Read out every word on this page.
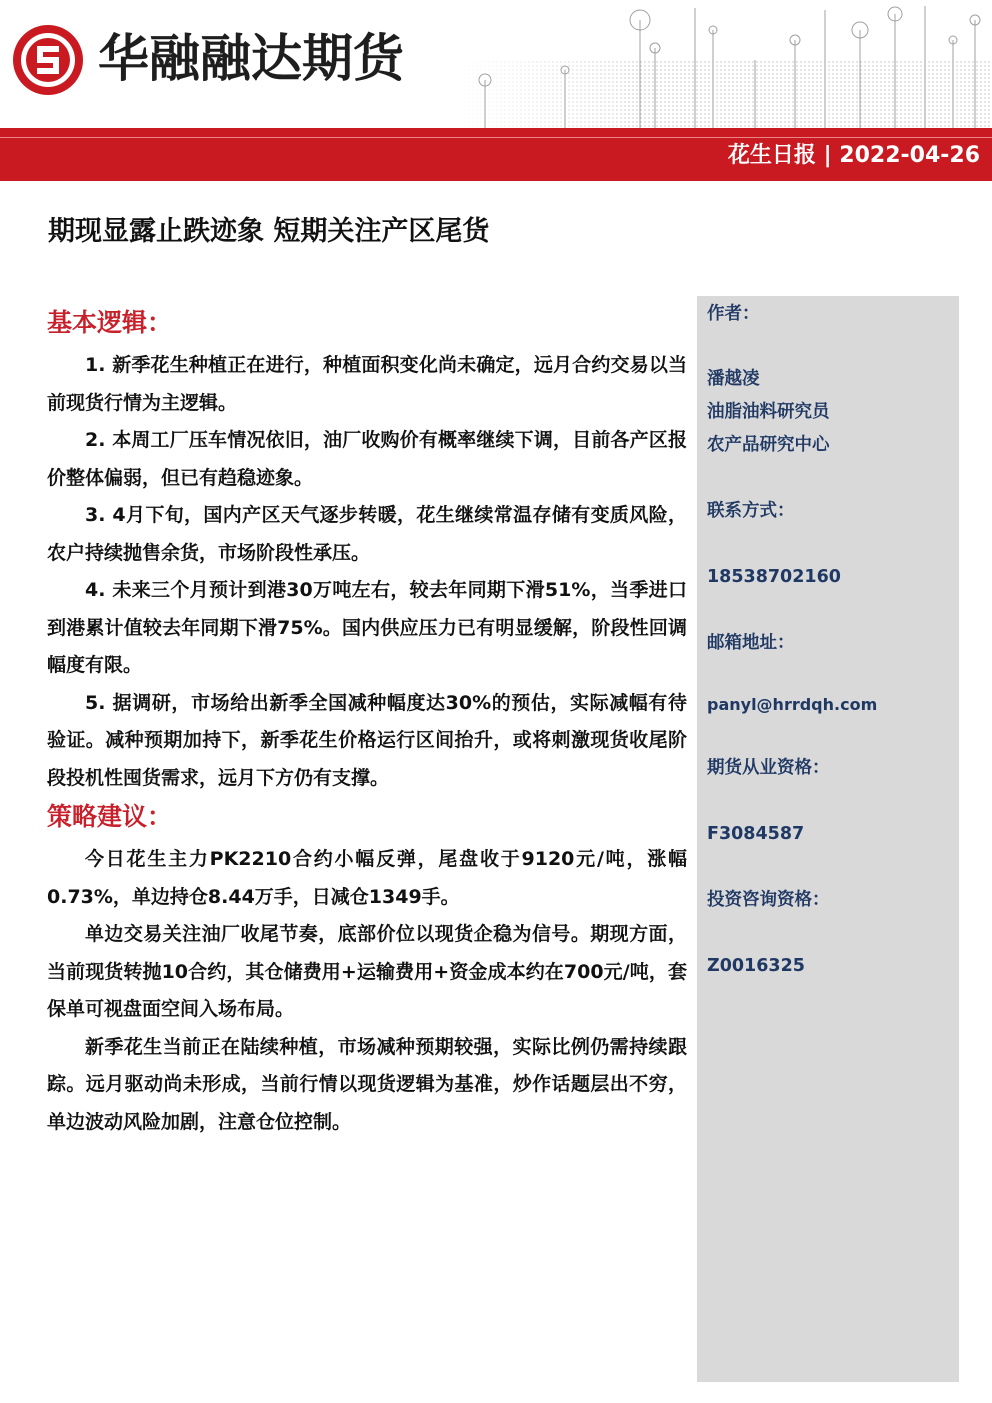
华融融达期货
花生日报 | 2022-04-26
期现显露止跌迹象 短期关注产区尾货
基本逻辑：

1. 新季花生种植正在进行，种植面积变化尚未确定，远月合约交易以当前现货行情为主逻辑。

2. 本周工厂压车情况依旧，油厂收购价有概率继续下调，目前各产区报价整体偏弱，但已有趋稳迹象。

3. 4月下旬，国内产区天气逐步转暖，花生继续常温存储有变质风险，农户持续抛售余货，市场阶段性承压。

4. 未来三个月预计到港30万吨左右，较去年同期下滑51%，当季进口到港累计值较去年同期下滑75%。国内供应压力已有明显缓解，阶段性回调幅度有限。

5. 据调研，市场给出新季全国减种幅度达30%的预估，实际减幅有待验证。减种预期加持下，新季花生价格运行区间抬升，或将刺激现货收尾阶段投机性囤货需求，远月下方仍有支撑。

策略建议：

今日花生主力PK2210合约小幅反弹，尾盘收于9120元/吨，涨幅0.73%，单边持仓8.44万手，日减仓1349手。

单边交易关注油厂收尾节奏，底部价位以现货企稳为信号。期现方面，当前现货转抛10合约，其仓储费用+运输费用+资金成本约在700元/吨，套保单可视盘面空间入场布局。

新季花生当前正在陆续种植，市场减种预期较强，实际比例仍需持续跟踪。远月驱动尚未形成，当前行情以现货逻辑为基准，炒作话题层出不穷，单边波动风险加剧，注意仓位控制。

作者：
潘越凌
油脂油料研究员
农产品研究中心
联系方式：
18538702160
邮箱地址：
panyl@hrrdqh.com
期货从业资格：
F3084587
投资咨询资格：
Z0016325
